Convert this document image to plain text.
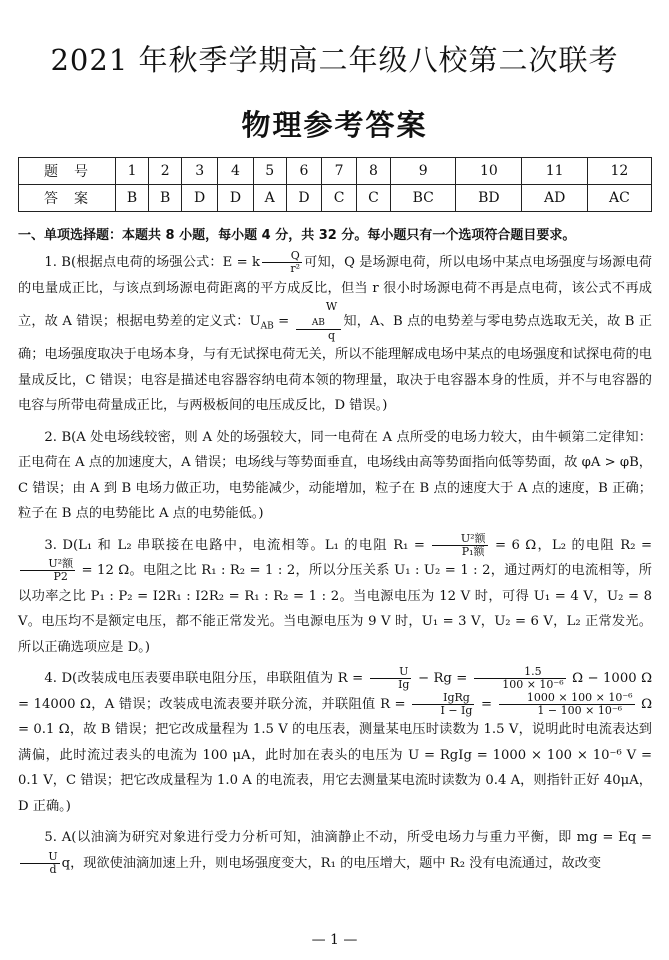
2021 年秋季学期高二年级八校第二次联考
物理参考答案
题号	1	2	3	4	5	6	7	8	9	10	11	12
答案	B	B	D	D	A	D	C	C	BC	BD	AD	AC
一、单项选择题：本题共 8 小题，每小题 4 分，共 32 分。每小题只有一个选项符合题目要求。

1. B(根据点电荷的场强公式：E = k $\frac{Q}{\text{r²}}$ 可知，Q 是场源电荷，所以电场中某点电场强度与场源电荷的电量成正比，与该点到场源电荷距离的平方成反比，但当 r 很小时场源电荷不再是点电荷，该公式不再成立，故 A 错误；根据电势差的定义式：$U_{AB} = W$
$_{AB}$
q 知，A、B 点的电势差与零电势点选取无关，故 B 正确；电场强度取决于电场本身，与有无试探电荷无关，所以不能理解成电场中某点的电场强度和试探电荷的电量成反比，C 错误；电容是描述电容器容纳电荷本领的物理量，取决于电容器本身的性质，并不与电容器的电容与所带电荷量成正比，与两极板间的电压成反比，D 错误。)

2. B(A 处电场线较密，则 A 处的场强较大，同一电荷在 A 点所受的电场力较大，由牛顿第二定律知：正电荷在 A 点的加速度大，A 错误；电场线与等势面垂直，电场线由高等势面指向低等势面，故 φA > φB，C 错误；由 A 到 B 电场力做正功，电势能减少，动能增加，粒子在 B 点的速度大于 A 点的速度，B 正确；粒子在 B 点的电势能比 A 点的电势能低。)

3. D(L₁ 和 L₂ 串联接在电路中，电流相等。L₁ 的电阻 $R_1 = \frac{\text{U²额}}{\text{P₁额}} = 6$ Ω，L₂ 的电阻 R₂ =
$\frac{\text{U²额}}{P2} = 12$ Ω。电阻之比 R₁ : R₂ = 1 : 2，所以分压关系 U₁ : U₂ = 1 : 2，通过两灯的电流相等，所以功率之比 P₁ : P₂ = I2R₁ : I2R₂ = R₁ : R₂ = 1 : 2。当电源电压为 12 V 时，可得 U₁ = 4 V，U₂ = 8 V。电压均不是额定电压，都不能正常发光。当电源电压为 9 V 时，U₁ = 3 V，U₂ = 6 V，L₂ 正常发光。所以正确选项应是 D。)

4. D(改装成电压表要串联电阻分压，串联阻值为 $R = \frac{U}{Ig} - Rg = \frac{1.5}{\text{100 × 10⁻⁶}}$ Ω − 1000 Ω = 14000 Ω，A 错误；改装成电流表要并联分流，并联阻值 $R = \frac{\text{IgRg}}{I - Ig} = \frac{\text{1000 × 100 × 10⁻⁶}}{\text{1 − 100 × 10⁻⁶}}$ Ω = 0.1 Ω，故 B 错误；把它改成量程为 1.5 V 的电压表，测量某电压时读数为 1.5 V，说明此时电流表达到满偏，此时流过表头的电流为 100 μA，此时加在表头的电压为 U = RgIg = 1000 × 100 × 10⁻⁶ V = 0.1 V，C 错误；把它改成量程为 1.0 A 的电流表，用它去测量某电流时读数为 0.4 A，则指针正好 40μA，D 正确。)

5. A(以油滴为研究对象进行受力分析可知，油滴静止不动，所受电场力与重力平衡，即 mg = Eq =
$\frac{U}{d}$ q，现欲使油滴加速上升，则电场强度变大，R₁ 的电压增大，题中 R₂ 没有电流通过，故改变

— 1 —
